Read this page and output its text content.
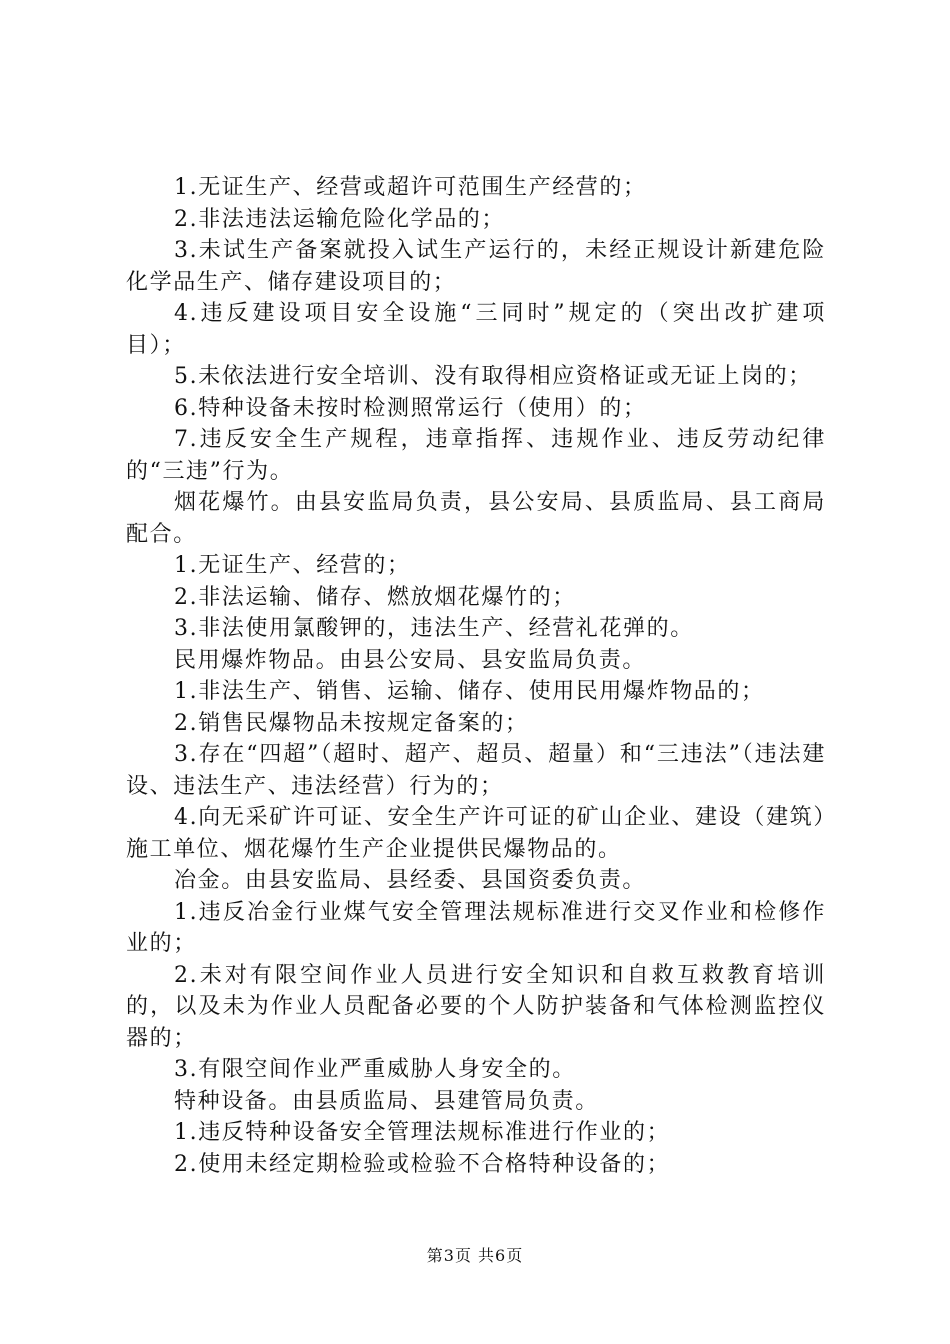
1.无证生产、经营或超许可范围生产经营的；

2.非法违法运输危险化学品的；

3.未试生产备案就投入试生产运行的，未经正规设计新建危险化学品生产、储存建设项目的；

4.违反建设项目安全设施“三同时”规定的（突出改扩建项目）；

5.未依法进行安全培训、没有取得相应资格证或无证上岗的；

6.特种设备未按时检测照常运行（使用）的；

7.违反安全生产规程，违章指挥、违规作业、违反劳动纪律的“三违”行为。

烟花爆竹。由县安监局负责，县公安局、县质监局、县工商局配合。

1.无证生产、经营的；

2.非法运输、储存、燃放烟花爆竹的；

3.非法使用氯酸钾的，违法生产、经营礼花弹的。

民用爆炸物品。由县公安局、县安监局负责。

1.非法生产、销售、运输、储存、使用民用爆炸物品的；

2.销售民爆物品未按规定备案的；

3.存在“四超”（超时、超产、超员、超量）和“三违法”（违法建设、违法生产、违法经营）行为的；

4.向无采矿许可证、安全生产许可证的矿山企业、建设（建筑）施工单位、烟花爆竹生产企业提供民爆物品的。

冶金。由县安监局、县经委、县国资委负责。

1.违反冶金行业煤气安全管理法规标准进行交叉作业和检修作业的；

2.未对有限空间作业人员进行安全知识和自救互救教育培训的，以及未为作业人员配备必要的个人防护装备和气体检测监控仪器的；

3.有限空间作业严重威胁人身安全的。

特种设备。由县质监局、县建管局负责。

1.违反特种设备安全管理法规标准进行作业的；

2.使用未经定期检验或检验不合格特种设备的；

第3页 共6页
